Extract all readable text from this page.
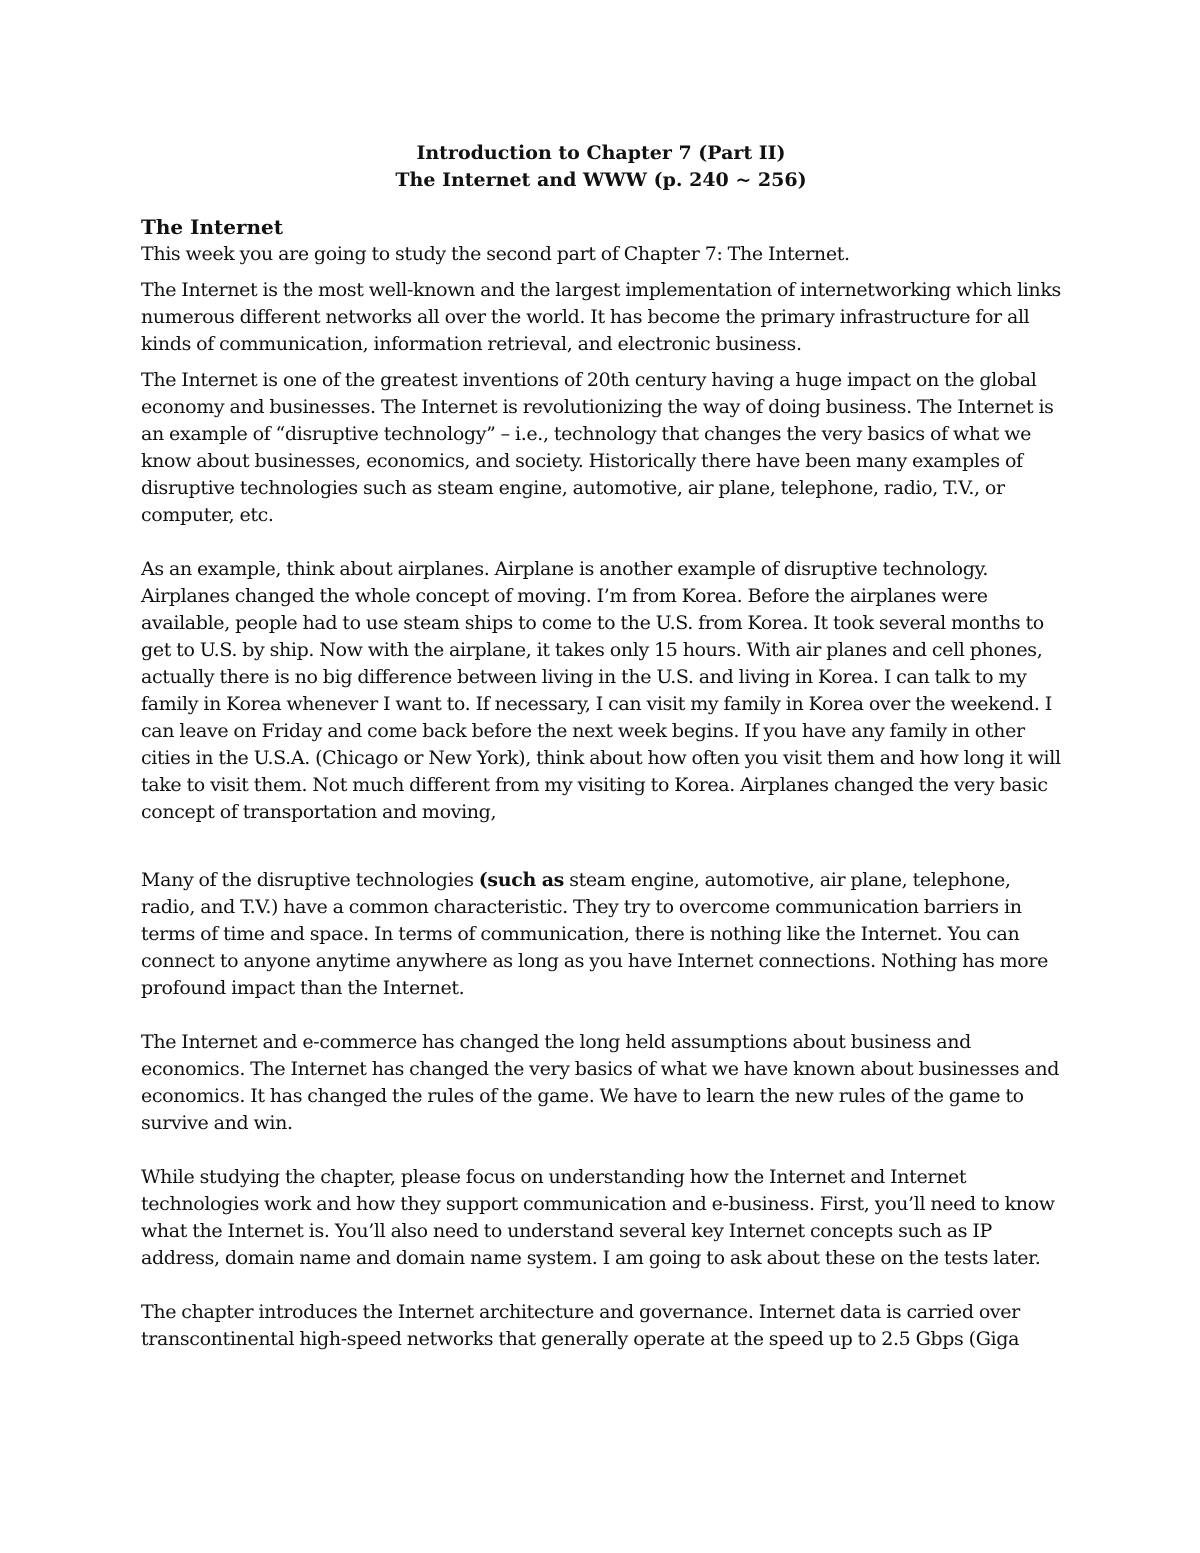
Introduction to Chapter 7 (Part II)
The Internet and WWW (p. 240 ~ 256)
The Internet

This week you are going to study the second part of Chapter 7: The Internet.

The Internet is the most well-known and the largest implementation of internetworking which links numerous different networks all over the world. It has become the primary infrastructure for all kinds of communication, information retrieval, and electronic business.

The Internet is one of the greatest inventions of 20th century having a huge impact on the global economy and businesses. The Internet is revolutionizing the way of doing business. The Internet is an example of “disruptive technology” – i.e., technology that changes the very basics of what we know about businesses, economics, and society. Historically there have been many examples of disruptive technologies such as steam engine, automotive, air plane, telephone, radio, T.V., or computer, etc.

As an example, think about airplanes. Airplane is another example of disruptive technology. Airplanes changed the whole concept of moving. I’m from Korea. Before the airplanes were available, people had to use steam ships to come to the U.S. from Korea. It took several months to get to U.S. by ship. Now with the airplane, it takes only 15 hours. With air planes and cell phones, actually there is no big difference between living in the U.S. and living in Korea. I can talk to my family in Korea whenever I want to. If necessary, I can visit my family in Korea over the weekend. I can leave on Friday and come back before the next week begins. If you have any family in other cities in the U.S.A. (Chicago or New York), think about how often you visit them and how long it will take to visit them. Not much different from my visiting to Korea. Airplanes changed the very basic concept of transportation and moving,

Many of the disruptive technologies (such as steam engine, automotive, air plane, telephone, radio, and T.V.) have a common characteristic. They try to overcome communication barriers in terms of time and space. In terms of communication, there is nothing like the Internet. You can connect to anyone anytime anywhere as long as you have Internet connections. Nothing has more profound impact than the Internet.

The Internet and e-commerce has changed the long held assumptions about business and economics. The Internet has changed the very basics of what we have known about businesses and economics. It has changed the rules of the game. We have to learn the new rules of the game to survive and win.

While studying the chapter, please focus on understanding how the Internet and Internet technologies work and how they support communication and e-business. First, you’ll need to know what the Internet is. You’ll also need to understand several key Internet concepts such as IP address, domain name and domain name system. I am going to ask about these on the tests later.

The chapter introduces the Internet architecture and governance. Internet data is carried over transcontinental high-speed networks that generally operate at the speed up to 2.5 Gbps (Giga
